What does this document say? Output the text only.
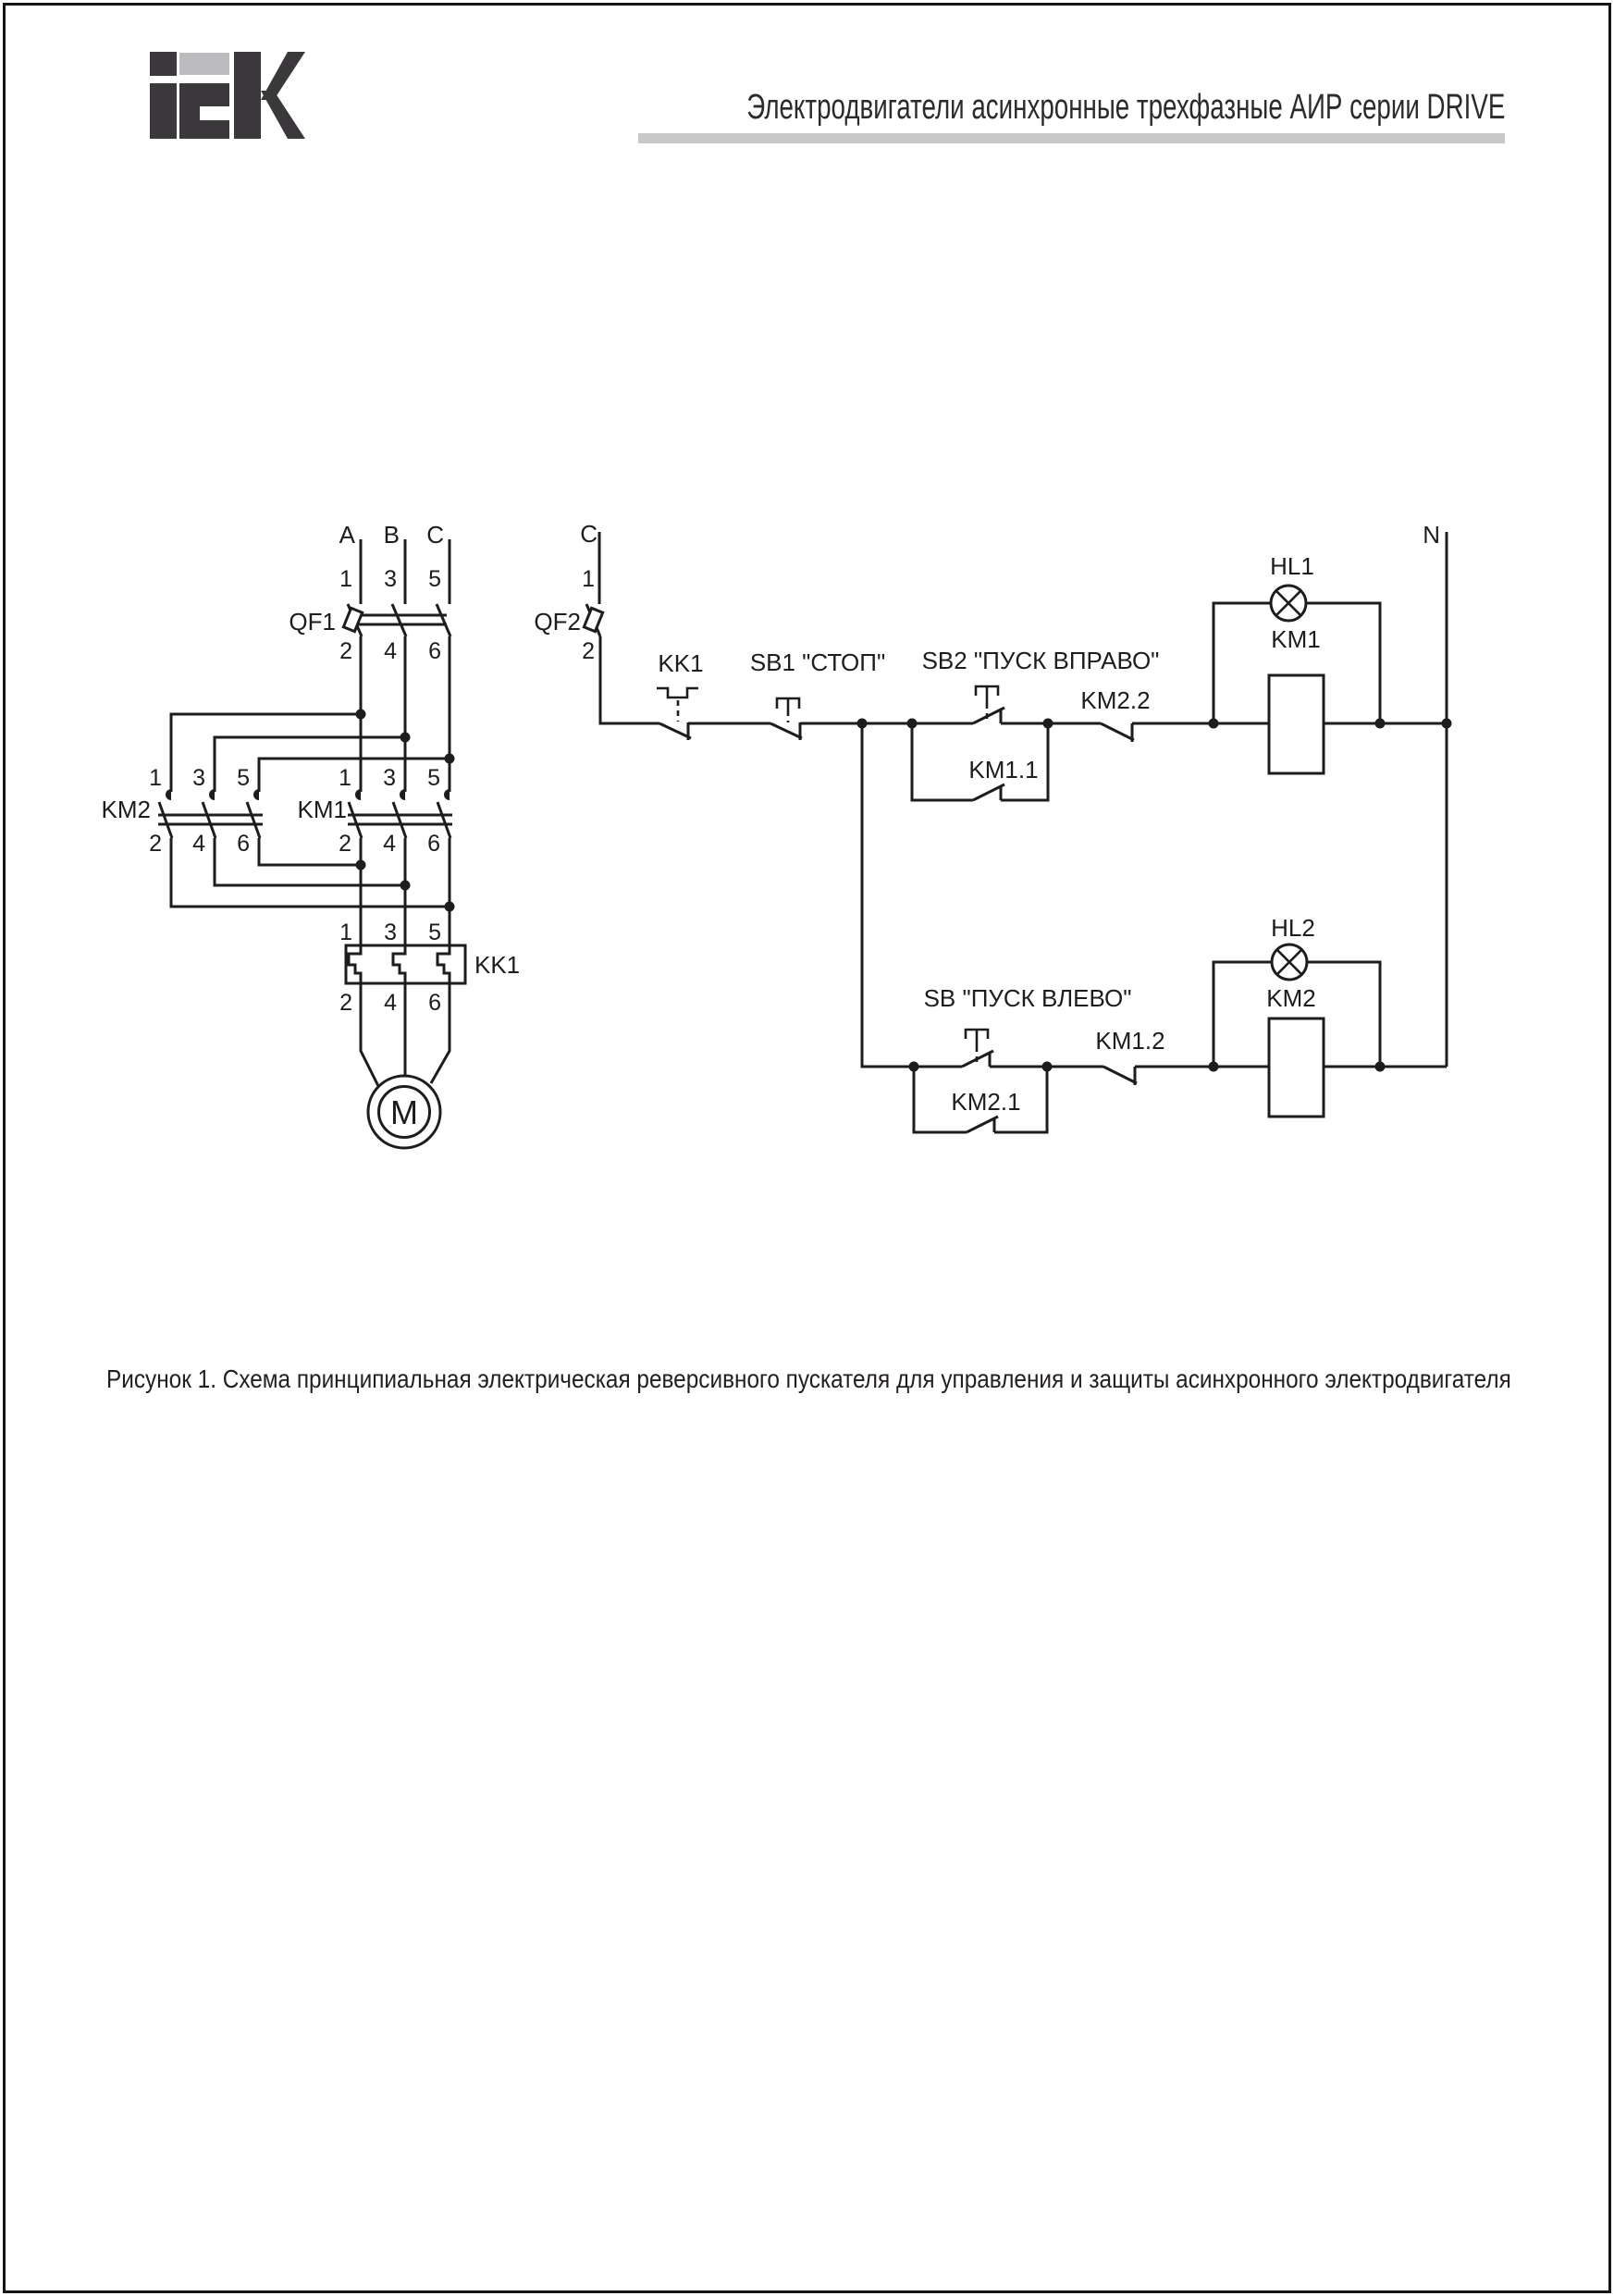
Электродвигатели асинхронные трехфазные АИР серии DRIVE
A B C
QF1
1 3 5
2 4 6
KM2
1 3 5
2 4 6
KM1
1 3 5
2 4 6
KK1
1 3 5
2 4 6
M
C
QF2
1
2	KK1 SB1 "СТОП" SB2 "ПУСК ВПРАВО"
KM1.1
KM2.2
HL1
KM1
N
SB "ПУСК ВЛЕВО"
KM2.1
KM1.2
HL2
KM2
Рисунок 1. Схема принципиальная электрическая реверсивного пускателя для управления и защиты асинхронного электродвигателя
